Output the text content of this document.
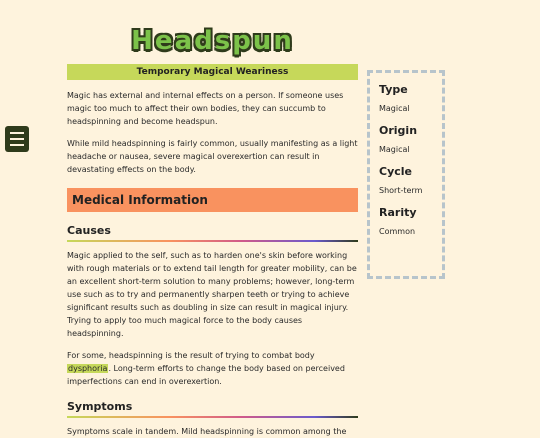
Headspun
Temporary Magical Weariness

Magic has external and internal effects on a person. If someone uses magic too much to affect their own bodies, they can succumb to headspinning and become headspun.

While mild headspinning is fairly common, usually manifesting as a light headache or nausea, severe magical overexertion can result in devastating effects on the body.

Medical Information
Causes

Magic applied to the self, such as to harden one's skin before working with rough materials or to extend tail length for greater mobility, can be an excellent short-term solution to many problems; however, long-term use such as to try and permanently sharpen teeth or trying to achieve significant results such as doubling in size can result in magical injury. Trying to apply too much magical force to the body causes headspinning.

For some, headspinning is the result of trying to combat body dysphoria. Long-term efforts to change the body based on perceived imperfections can end in overexertion.

Symptoms

Symptoms scale in tandem. Mild headspinning is common among the

Type
Magical
Origin
Magical
Cycle
Short-term
Rarity
Common
